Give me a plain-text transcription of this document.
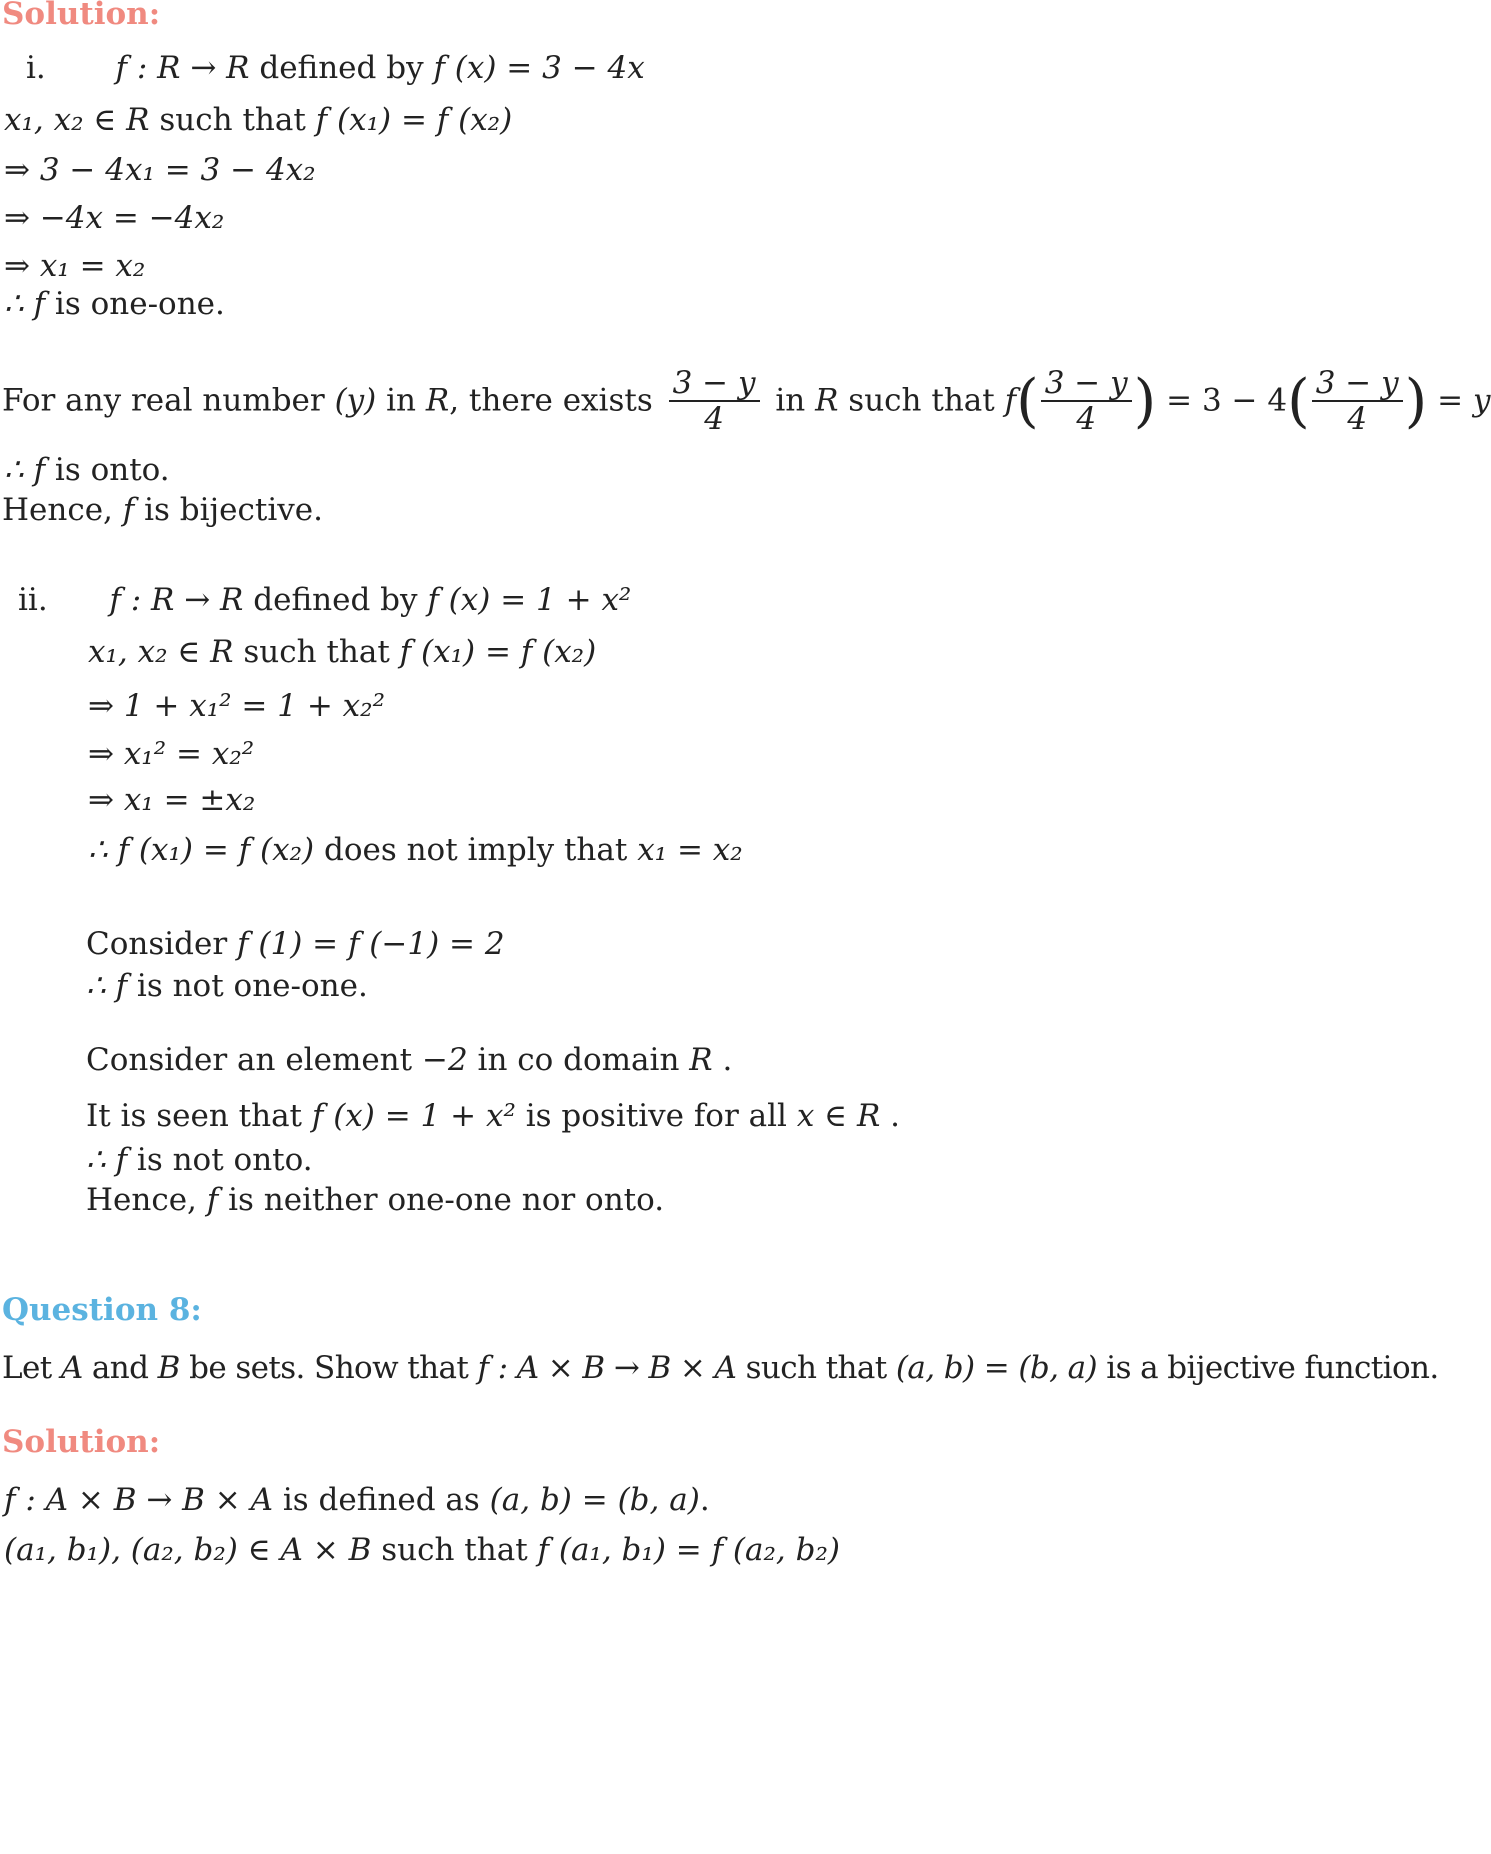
Solution:
i. f : R → R defined by f (x) = 3 − 4x
x₁, x₂ ∈ R such that f (x₁) = f (x₂)
⇒ 3 − 4x₁ = 3 − 4x₂
⇒ −4x = −4x₂
⇒ x₁ = x₂
∴ f is one-one.
For any real number (y) in R, there exists $\frac{3 - y}{4}$ in R such that $f( \frac{3 - y}{4}$ ) = $3 - 4( \frac{3 - y}{4}$ ) = y
∴ f is onto.
Hence, f is bijective.
ii. f : R → R defined by f (x) = 1 + x²
x₁, x₂ ∈ R such that f (x₁) = f (x₂)
⇒ 1 + x₁² = 1 + x₂²
⇒ x₁² = x₂²
⇒ x₁ = ±x₂
∴ f (x₁) = f (x₂) does not imply that x₁ = x₂
Consider f (1) = f (−1) = 2
∴ f is not one-one.
Consider an element −2 in co domain R .
It is seen that f (x) = 1 + x² is positive for all x ∈ R .
∴ f is not onto.
Hence, f is neither one-one nor onto.
Question 8:
Let A and B be sets. Show that f : A × B → B × A such that (a, b) = (b, a) is a bijective function.
Solution:
f : A × B → B × A is defined as (a, b) = (b, a).
(a₁, b₁), (a₂, b₂) ∈ A × B such that f (a₁, b₁) = f (a₂, b₂)
